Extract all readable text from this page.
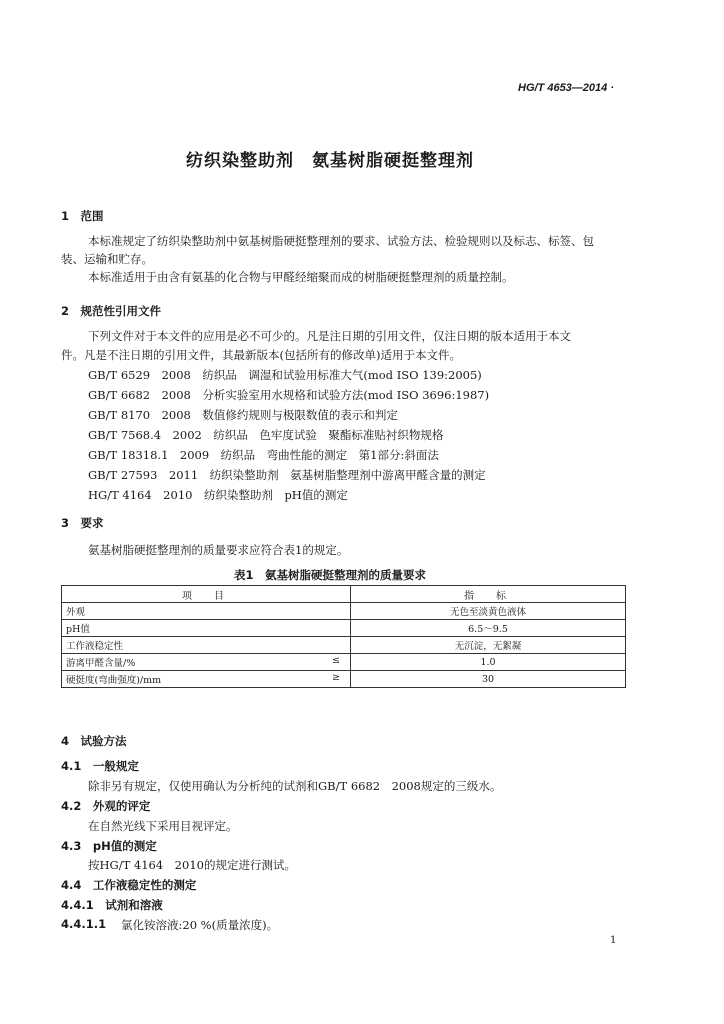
HG/T 4653—2014 ·
纺织染整助剂　氨基树脂硬挺整理剂
1　范围
本标准规定了纺织染整助剂中氨基树脂硬挺整理剂的要求、试验方法、检验规则以及标志、标签、包
装、运输和贮存。
本标准适用于由含有氨基的化合物与甲醛经缩聚而成的树脂硬挺整理剂的质量控制。
2　规范性引用文件
下列文件对于本文件的应用是必不可少的。凡是注日期的引用文件，仅注日期的版本适用于本文
件。凡是不注日期的引用文件，其最新版本(包括所有的修改单)适用于本文件。
GB/T 6529　2008　纺织品　调湿和试验用标准大气(mod ISO 139:2005)
GB/T 6682　2008　分析实验室用水规格和试验方法(mod ISO 3696:1987)
GB/T 8170　2008　数值修约规则与极限数值的表示和判定
GB/T 7568.4　2002　纺织品　色牢度试验　聚酯标准贴衬织物规格
GB/T 18318.1　2009　纺织品　弯曲性能的测定　第1部分:斜面法
GB/T 27593　2011　纺织染整助剂　氨基树脂整理剂中游离甲醛含量的测定
HG/T 4164　2010　纺织染整助剂　pH值的测定
3　要求
氨基树脂硬挺整理剂的质量要求应符合表1的规定。
表1　氨基树脂硬挺整理剂的质量要求
项　目	指　标
外观	无色至淡黄色液体
pH值	6.5～9.5
工作液稳定性	无沉淀，无絮凝
游离甲醛含量/% ≤	1.0
硬挺度(弯曲强度)/mm ≥	30
4　试验方法
4.1　一般规定
除非另有规定，仅使用确认为分析纯的试剂和GB/T 6682　2008规定的三级水。
4.2　外观的评定
在自然光线下采用目视评定。
4.3　pH值的测定
按HG/T 4164　2010的规定进行测试。
4.4　工作液稳定性的测定
4.4.1　试剂和溶液
4.4.1.1 氯化铵溶液:20 %(质量浓度)。
1
